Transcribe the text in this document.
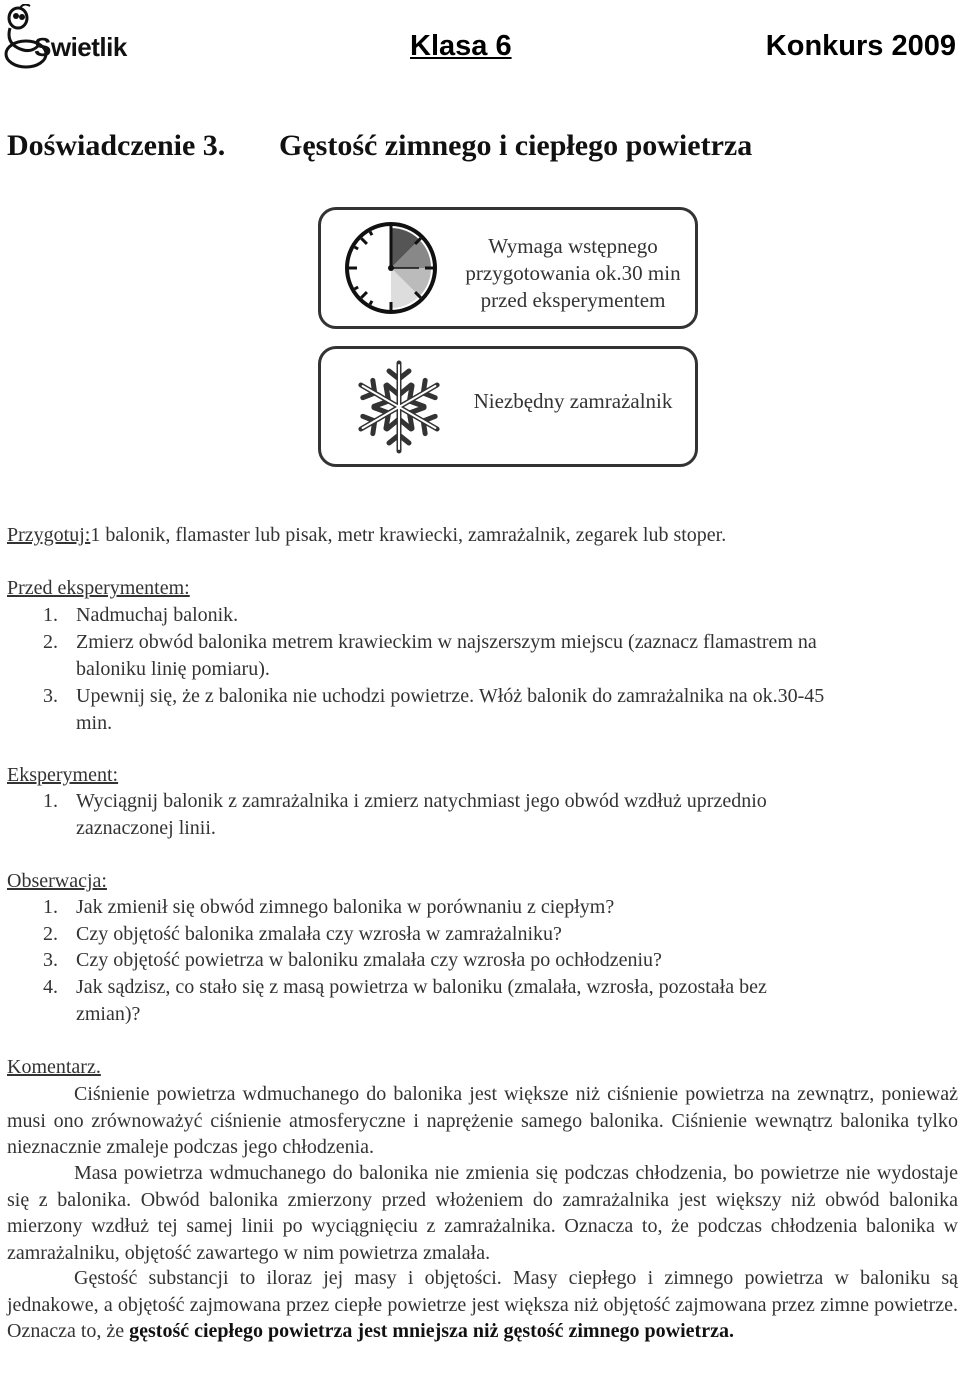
Swietlik	Klasa 6	Konkurs 2009
Doświadczenie 3. Gęstość zimnego i ciepłego powietrza
Wymaga wstępnego
przygotowania ok.30 min
przed eksperymentem
Niezbędny zamrażalnik
Przygotuj:1 balonik, flamaster lub pisak, metr krawiecki, zamrażalnik, zegarek lub stoper.
Przed eksperymentem:
1. Nadmuchaj balonik.
2. Zmierz obwód balonika metrem krawieckim w najszerszym miejscu (zaznacz flamastrem na
baloniku linię pomiaru).
3. Upewnij się, że z balonika nie uchodzi powietrze. Włóż balonik do zamrażalnika na ok.30-45
min.
Eksperyment:
1. Wyciągnij balonik z zamrażalnika i zmierz natychmiast jego obwód wzdłuż uprzednio
zaznaczonej linii.
Obserwacja:
1. Jak zmienił się obwód zimnego balonika w porównaniu z ciepłym?
2. Czy objętość balonika zmalała czy wzrosła w zamrażalniku?
3. Czy objętość powietrza w baloniku zmalała czy wzrosła po ochłodzeniu?
4. Jak sądzisz, co stało się z masą powietrza w baloniku (zmalała, wzrosła, pozostała bez
zmian)?
Komentarz.
Ciśnienie powietrza wdmuchanego do balonika jest większe niż ciśnienie powietrza na zewnątrz, ponieważ musi ono zrównoważyć ciśnienie atmosferyczne i naprężenie samego balonika. Ciśnienie wewnątrz balonika tylko nieznacznie zmaleje podczas jego chłodzenia.
Masa powietrza wdmuchanego do balonika nie zmienia się podczas chłodzenia, bo powietrze nie wydostaje się z balonika. Obwód balonika zmierzony przed włożeniem do zamrażalnika jest większy niż obwód balonika mierzony wzdłuż tej samej linii po wyciągnięciu z zamrażalnika. Oznacza to, że podczas chłodzenia balonika w zamrażalniku, objętość zawartego w nim powietrza zmalała.
Gęstość substancji to iloraz jej masy i objętości. Masy ciepłego i zimnego powietrza w baloniku są jednakowe, a objętość zajmowana przez ciepłe powietrze jest większa niż objętość zajmowana przez zimne powietrze. Oznacza to, że gęstość ciepłego powietrza jest mniejsza niż gęstość zimnego powietrza.
